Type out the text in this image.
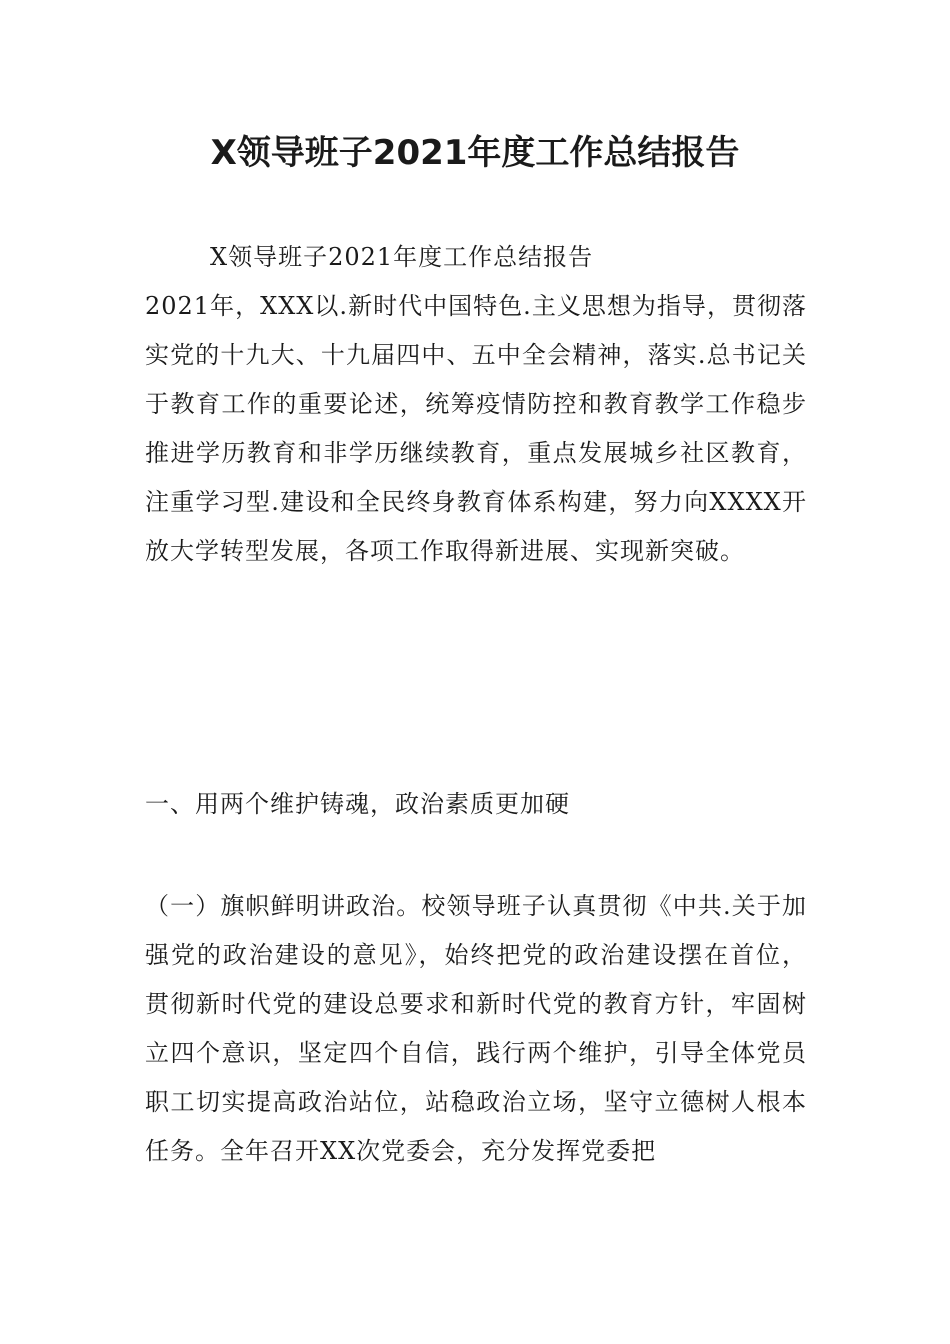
X领导班子2021年度工作总结报告
X领导班子2021年度工作总结报告
2021年，XXX以.新时代中国特色.主义思想为指导，贯彻落实党的十九大、十九届四中、五中全会精神，落实.总书记关于教育工作的重要论述，统筹疫情防控和教育教学工作稳步推进学历教育和非学历继续教育，重点发展城乡社区教育，注重学习型.建设和全民终身教育体系构建，努力向XXXX开放大学转型发展，各项工作取得新进展、实现新突破。
一、用两个维护铸魂，政治素质更加硬
（一）旗帜鲜明讲政治。校领导班子认真贯彻《中共.关于加强党的政治建设的意见》，始终把党的政治建设摆在首位，贯彻新时代党的建设总要求和新时代党的教育方针，牢固树立四个意识，坚定四个自信，践行两个维护，引导全体党员职工切实提高政治站位，站稳政治立场，坚守立德树人根本任务。全年召开XX次党委会，充分发挥党委把
